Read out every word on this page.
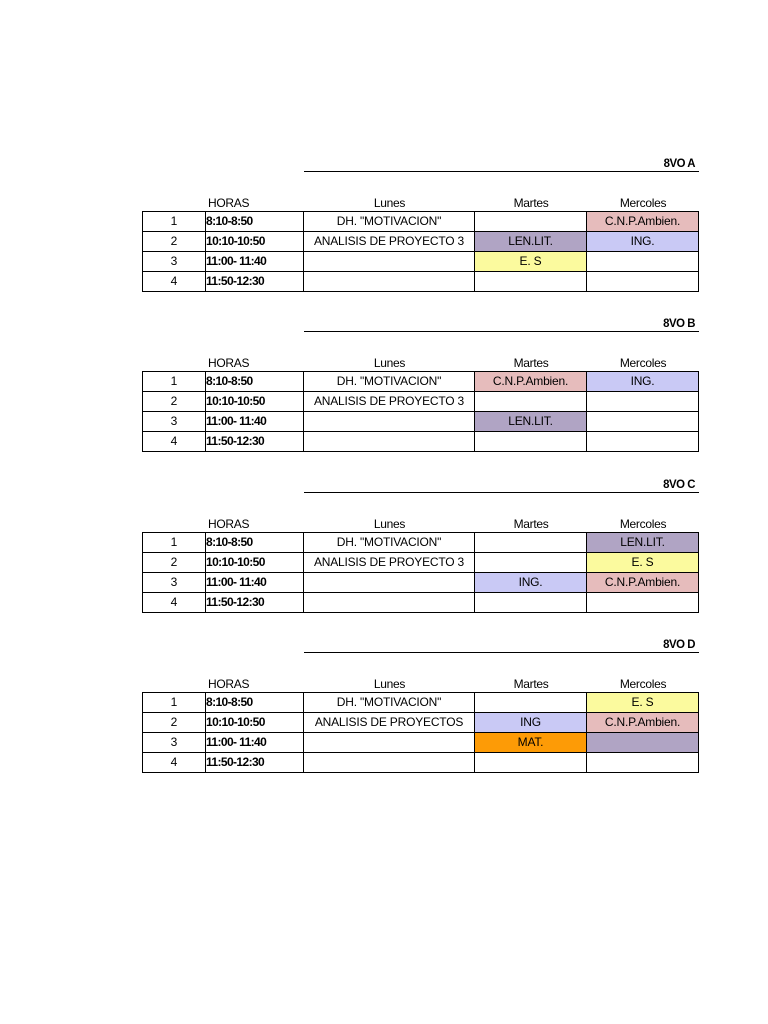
8VO A
HORAS	Lunes	Martes	Mercoles
1	8:10-8:50	DH. "MOTIVACION"		C.N.P.Ambien.
2	10:10-10:50	ANALISIS DE PROYECTO 3	LEN.LIT.	ING.
3	11:00- 11:40		E. S	
4	11:50-12:30			
8VO B
HORAS	Lunes	Martes	Mercoles
1	8:10-8:50	DH. "MOTIVACION"	C.N.P.Ambien.	ING.
2	10:10-10:50	ANALISIS DE PROYECTO 3		
3	11:00- 11:40		LEN.LIT.	
4	11:50-12:30			
8VO C
HORAS	Lunes	Martes	Mercoles
1	8:10-8:50	DH. "MOTIVACION"		LEN.LIT.
2	10:10-10:50	ANALISIS DE PROYECTO 3		E. S
3	11:00- 11:40		ING.	C.N.P.Ambien.
4	11:50-12:30			
8VO D
HORAS	Lunes	Martes	Mercoles
1	8:10-8:50	DH. "MOTIVACION"		E. S
2	10:10-10:50	ANALISIS DE PROYECTOS	ING	C.N.P.Ambien.
3	11:00- 11:40		MAT.	
4	11:50-12:30			
